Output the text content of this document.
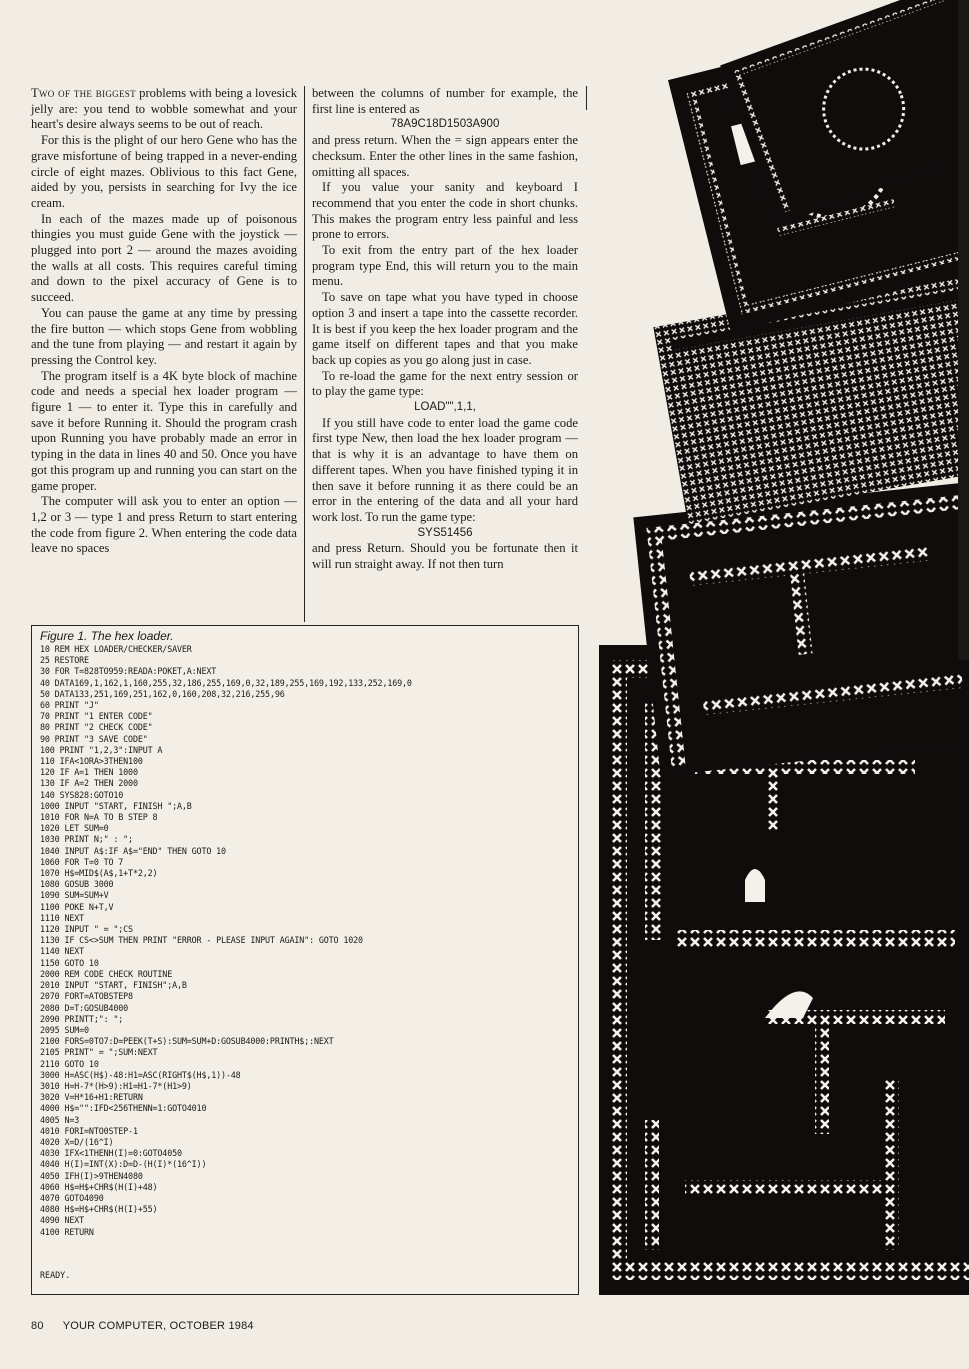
Two of the biggest problems with being a lovesick jelly are: you tend to wobble somewhat and your heart's desire always seems to be out of reach.

For this is the plight of our hero Gene who has the grave misfortune of being trapped in a never-ending circle of eight mazes. Oblivious to this fact Gene, aided by you, persists in searching for Ivy the ice cream.

In each of the mazes made up of poisonous thingies you must guide Gene with the joystick — plugged into port 2 — around the mazes avoiding the walls at all costs. This requires careful timing and down to the pixel accuracy of Gene is to succeed.

You can pause the game at any time by pressing the fire button — which stops Gene from wobbling and the tune from playing — and restart it again by pressing the Control key.

The program itself is a 4K byte block of machine code and needs a special hex loader program — figure 1 — to enter it. Type this in carefully and save it before Running it. Should the program crash upon Running you have probably made an error in typing in the data in lines 40 and 50. Once you have got this program up and running you can start on the game proper.

The computer will ask you to enter an option — 1,2 or 3 — type 1 and press Return to start entering the code from figure 2. When entering the code data leave no spaces

between the columns of number for example, the first line is entered as

78A9C18D1503A900

and press return. When the = sign appears enter the checksum. Enter the other lines in the same fashion, omitting all spaces.

If you value your sanity and keyboard I recommend that you enter the code in short chunks. This makes the program entry less painful and less prone to errors.

To exit from the entry part of the hex loader program type End, this will return you to the main menu.

To save on tape what you have typed in choose option 3 and insert a tape into the cassette recorder. It is best if you keep the hex loader program and the game itself on different tapes and that you make back up copies as you go along just in case.

To re-load the game for the next entry session or to play the game type:

LOAD"",1,1,

If you still have code to enter load the game code first type New, then load the hex loader program — that is why it is an advantage to have them on different tapes. When you have finished typing it in then save it before running it as there could be an error in the entering of the data and all your hard work lost. To run the game type:

SYS51456

and press Return. Should you be fortunate then it will run straight away. If not then turn

Figure 1. The hex loader.

10 REM HEX LOADER/CHECKER/SAVER
25 RESTORE
30 FOR T=828TO959:READA:POKET,A:NEXT
40 DATA169,1,162,1,160,255,32,186,255,169,0,32,189,255,169,192,133,252,169,0
50 DATA133,251,169,251,162,0,160,208,32,216,255,96
60 PRINT "J"
70 PRINT "1 ENTER CODE"
80 PRINT "2 CHECK CODE"
90 PRINT "3 SAVE CODE"
100 PRINT "1,2,3":INPUT A
110 IFA<1ORA>3THEN100
120 IF A=1 THEN 1000
130 IF A=2 THEN 2000
140 SYS828:GOTO10
1000 INPUT "START, FINISH ";A,B
1010 FOR N=A TO B STEP 8
1020 LET SUM=0
1030 PRINT N;" : ";
1040 INPUT A$:IF A$="END" THEN GOTO 10
1060 FOR T=0 TO 7
1070 H$=MID$(A$,1+T*2,2)
1080 GOSUB 3000
1090 SUM=SUM+V
1100 POKE N+T,V
1110 NEXT
1120 INPUT " = ";CS
1130 IF CS<>SUM THEN PRINT "ERROR - PLEASE INPUT AGAIN": GOTO 1020
1140 NEXT
1150 GOTO 10
2000 REM CODE CHECK ROUTINE
2010 INPUT "START, FINISH";A,B
2070 FORT=ATOBSTEP8
2080 D=T:GOSUB4000
2090 PRINTT;": ";
2095 SUM=0
2100 FORS=0TO7:D=PEEK(T+S):SUM=SUM+D:GOSUB4000:PRINTH$;:NEXT
2105 PRINT" = ";SUM:NEXT
2110 GOTO 10
3000 H=ASC(H$)-48:H1=ASC(RIGHT$(H$,1))-48
3010 H=H-7*(H>9):H1=H1-7*(H1>9)
3020 V=H*16+H1:RETURN
4000 H$="":IFD<256THENN=1:GOTO4010
4005 N=3
4010 FORI=NTO0STEP-1
4020 X=D/(16^I)
4030 IFX<1THENH(I)=0:GOTO4050
4040 H(I)=INT(X):D=D-(H(I)*(16^I))
4050 IFH(I)>9THEN4080
4060 H$=H$+CHR$(H(I)+48)
4070 GOTO4090
4080 H$=H$+CHR$(H(I)+55)
4090 NEXT
4100 RETURN
READY.
80 YOUR COMPUTER, OCTOBER 1984
